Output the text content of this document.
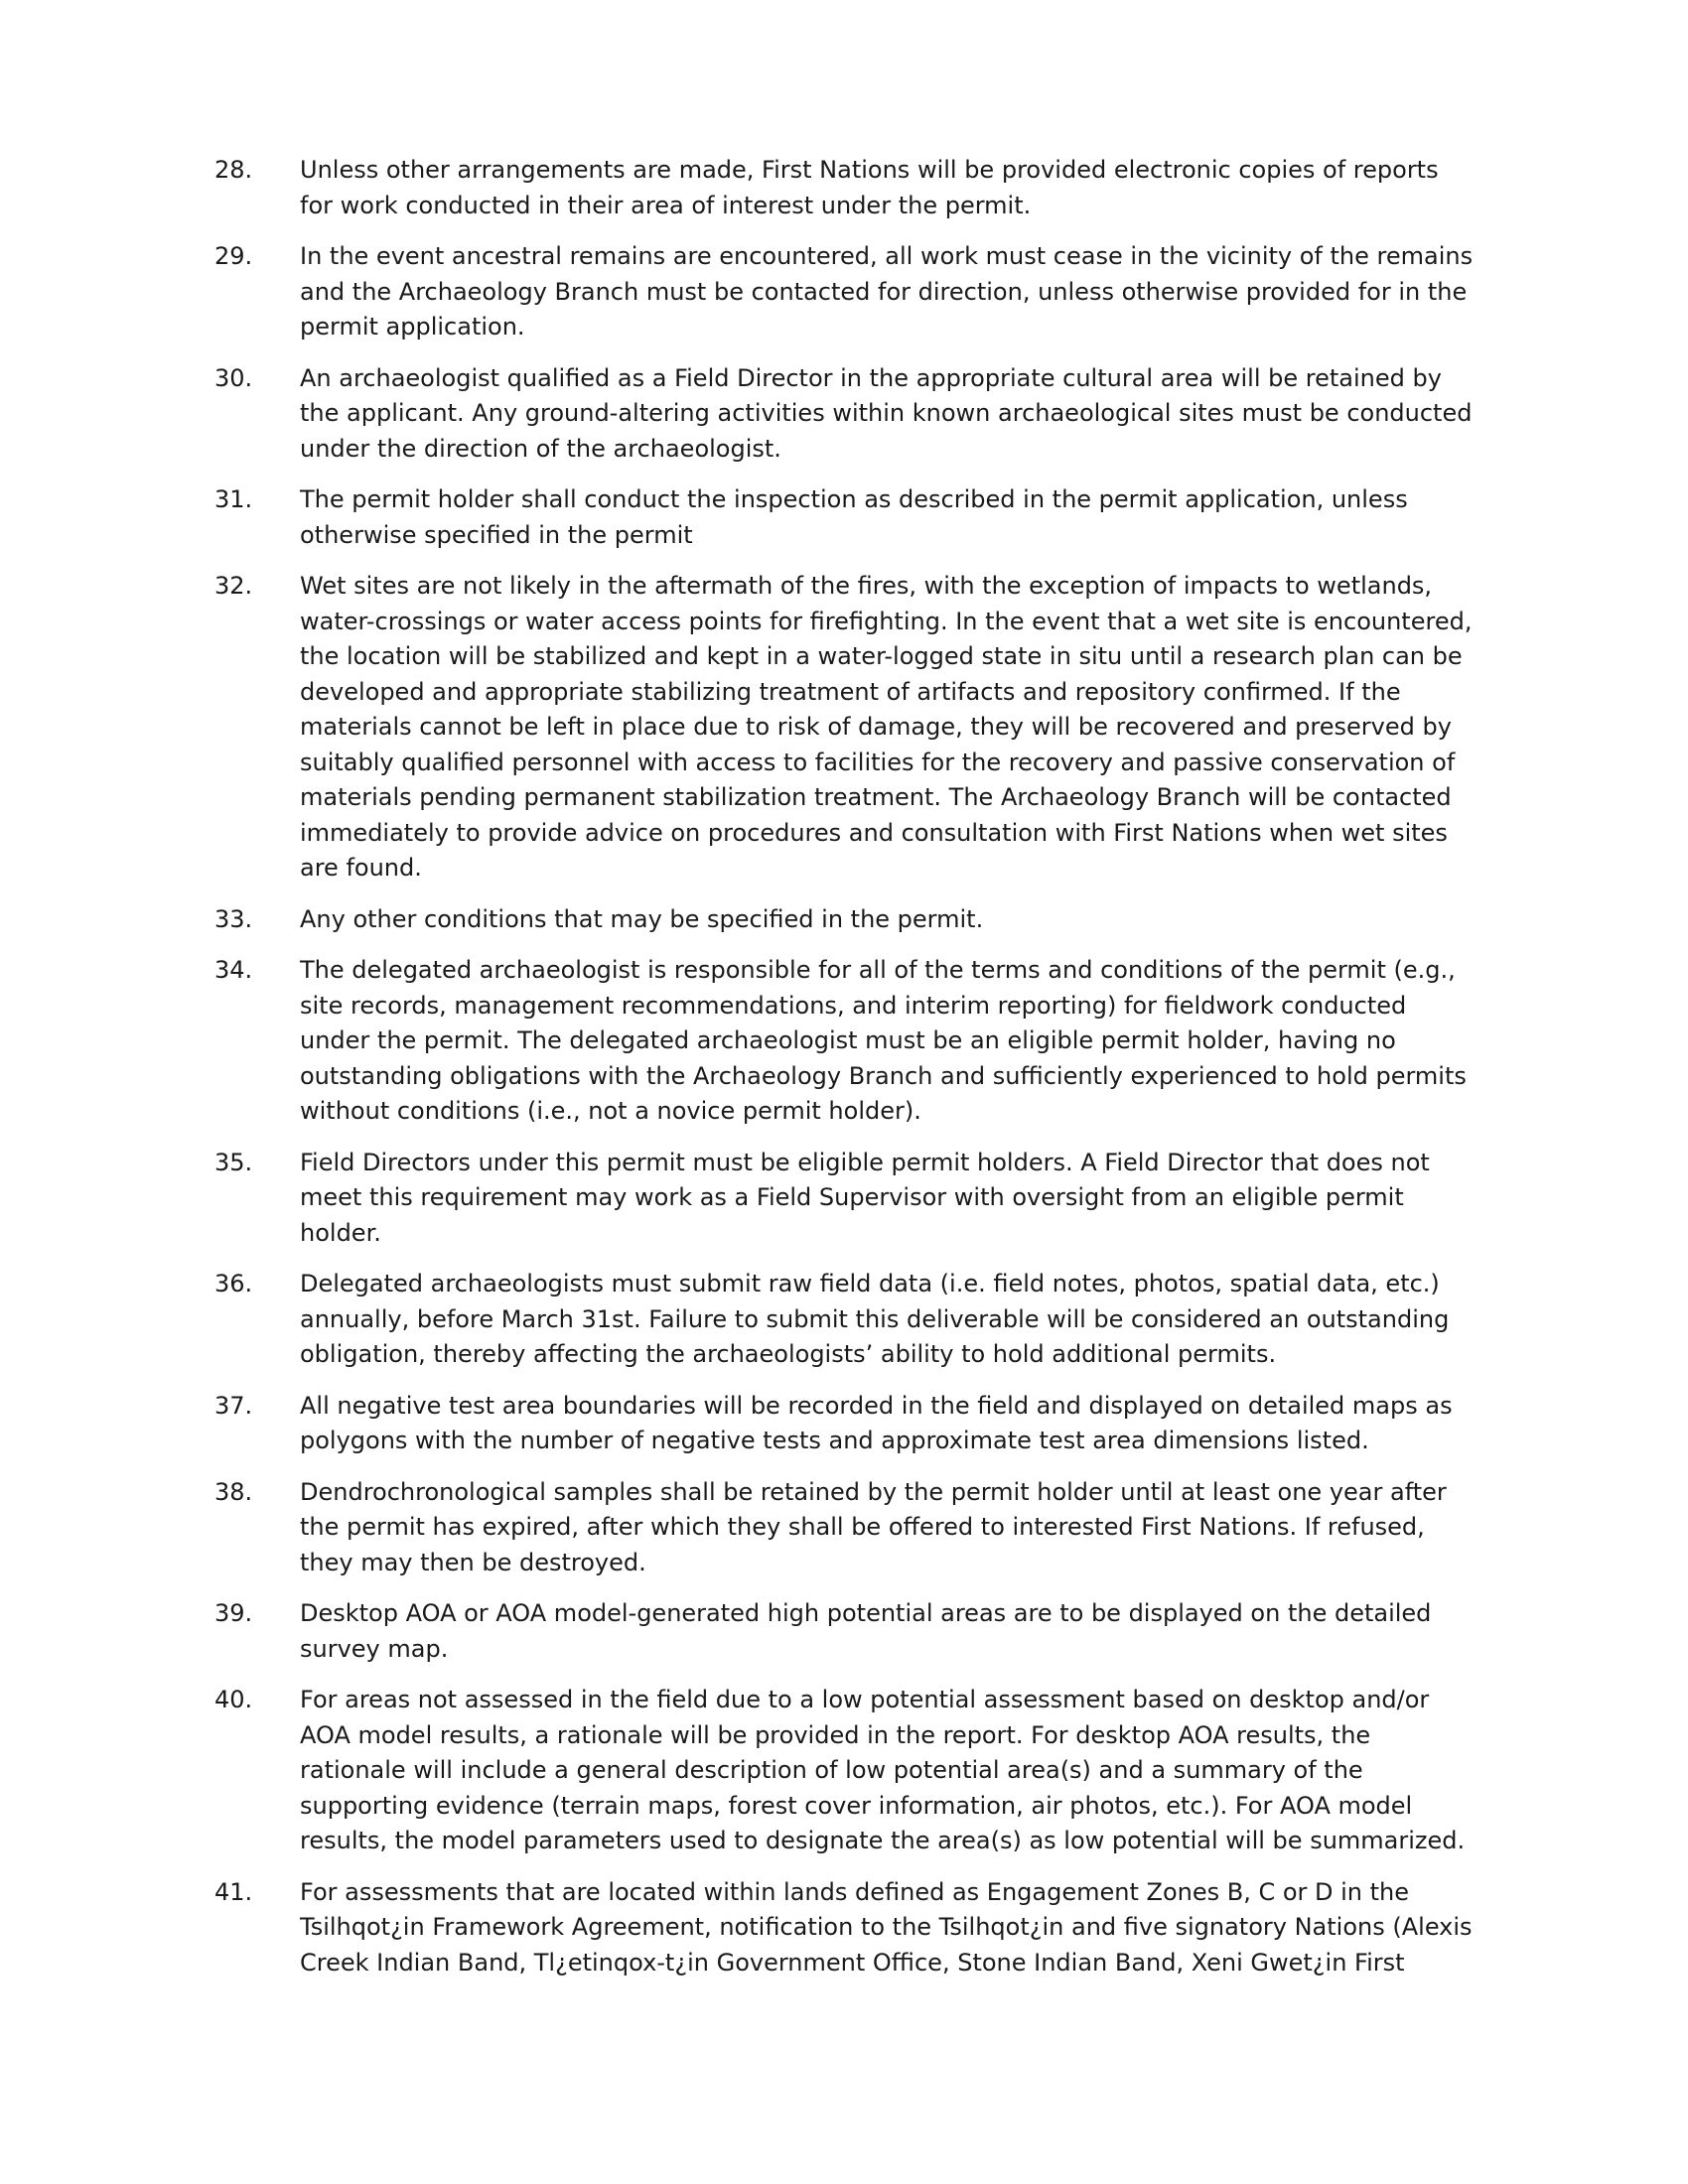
28.	Unless other arrangements are made, First Nations will be provided electronic copies of reports for work conducted in their area of interest under the permit.
29.	In the event ancestral remains are encountered, all work must cease in the vicinity of the remains and the Archaeology Branch must be contacted for direction, unless otherwise provided for in the permit application.
30.	An archaeologist qualified as a Field Director in the appropriate cultural area will be retained by the applicant. Any ground-altering activities within known archaeological sites must be conducted under the direction of the archaeologist.
31.	The permit holder shall conduct the inspection as described in the permit application, unless otherwise specified in the permit
32.	Wet sites are not likely in the aftermath of the fires, with the exception of impacts to wetlands, water-crossings or water access points for firefighting. In the event that a wet site is encountered, the location will be stabilized and kept in a water-logged state in situ until a research plan can be developed and appropriate stabilizing treatment of artifacts and repository confirmed. If the materials cannot be left in place due to risk of damage, they will be recovered and preserved by suitably qualified personnel with access to facilities for the recovery and passive conservation of materials pending permanent stabilization treatment. The Archaeology Branch will be contacted immediately to provide advice on procedures and consultation with First Nations when wet sites are found.
33.	Any other conditions that may be specified in the permit.
34.	The delegated archaeologist is responsible for all of the terms and conditions of the permit (e.g., site records, management recommendations, and interim reporting) for fieldwork conducted under the permit. The delegated archaeologist must be an eligible permit holder, having no outstanding obligations with the Archaeology Branch and sufficiently experienced to hold permits without conditions (i.e., not a novice permit holder).
35.	Field Directors under this permit must be eligible permit holders. A Field Director that does not meet this requirement may work as a Field Supervisor with oversight from an eligible permit holder.
36.	Delegated archaeologists must submit raw field data (i.e. field notes, photos, spatial data, etc.) annually, before March 31st. Failure to submit this deliverable will be considered an outstanding obligation, thereby affecting the archaeologists’ ability to hold additional permits.
37.	All negative test area boundaries will be recorded in the field and displayed on detailed maps as polygons with the number of negative tests and approximate test area dimensions listed.
38.	Dendrochronological samples shall be retained by the permit holder until at least one year after the permit has expired, after which they shall be offered to interested First Nations. If refused, they may then be destroyed.
39.	Desktop AOA or AOA model-generated high potential areas are to be displayed on the detailed survey map.
40.	For areas not assessed in the field due to a low potential assessment based on desktop and/or AOA model results, a rationale will be provided in the report. For desktop AOA results, the rationale will include a general description of low potential area(s) and a summary of the supporting evidence (terrain maps, forest cover information, air photos, etc.). For AOA model results, the model parameters used to designate the area(s) as low potential will be summarized.
41.	For assessments that are located within lands defined as Engagement Zones B, C or D in the Tsilhqot¿in Framework Agreement, notification to the Tsilhqot¿in and five signatory Nations (Alexis Creek Indian Band, Tl¿etinqox-t¿in Government Office, Stone Indian Band, Xeni Gwet¿in First
